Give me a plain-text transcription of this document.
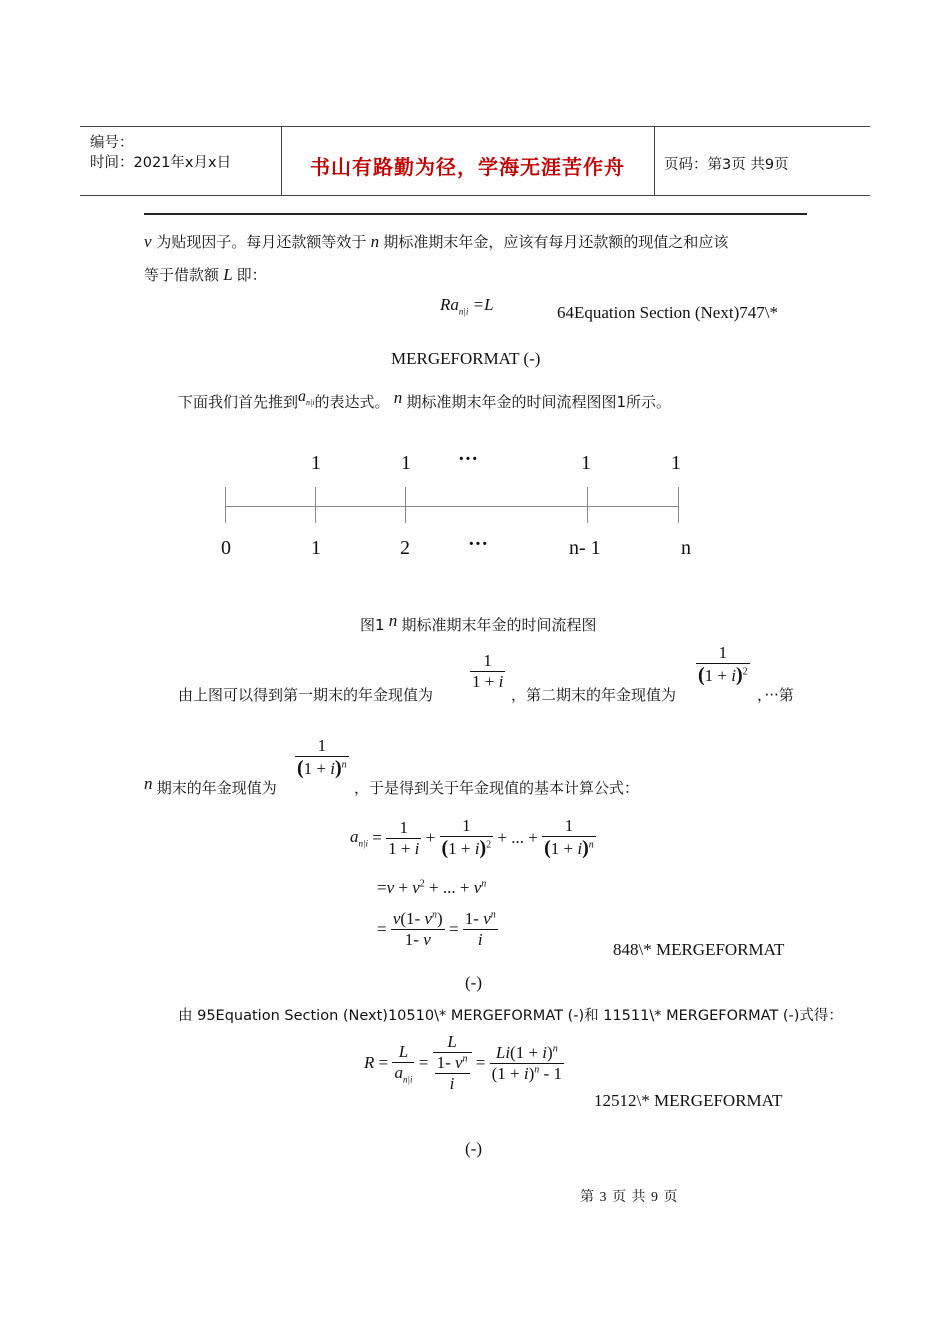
编号：
时间：2021年x月x日	书山有路勤为径，学海无涯苦作舟	页码：第3页 共9页
v 为贴现因子。每月还款额等效于 n 期标准期末年金，应该有每月还款额的现值之和应该
等于借款额 L 即：
$Ra_{n|i} =L$	64Equation Section (Next)747\*
MERGEFORMAT (-)
下面我们首先推到$a_{n|i}$的表达式。 n 期标准期末年金的时间流程图图1所示。
1	1 ···	1	1
0	1	2	···	n- 1	n
图1 n 期标准期末年金的时间流程图
由上图可以得到第一期末的年金现值为
$\frac{1}{1 + i}$
，第二期末的年金现值为
$\frac{1}{(1 + i)^2}$
，···第
n 期末的年金现值为
$\frac{1}{(1 + i)^n}$
，于是得到关于年金现值的基本计算公式：
$a_{n|i} = \frac{1}{1 + i} + \frac{1}{(1 + i)^2}$ + ... + $\frac{1}{(1 + i)^n}$
$=v + v^2$ + ... + $v^n$
= $\frac{v(1- v^n)}{1- v} = \frac{1- v^n}{i}$	848\* MERGEFORMAT
(-)
由 95Equation Section (Next)10510\* MERGEFORMAT (-)和 11511\* MERGEFORMAT (-)式得：
$R = \frac{L}{a_{n|i}} = \frac{L}{\frac{1- v^n}{i}} = \frac{Li(1 + i)^n}{(1 + i)^n - 1}$
12512\* MERGEFORMAT
(-)
第 3 页 共 9 页
